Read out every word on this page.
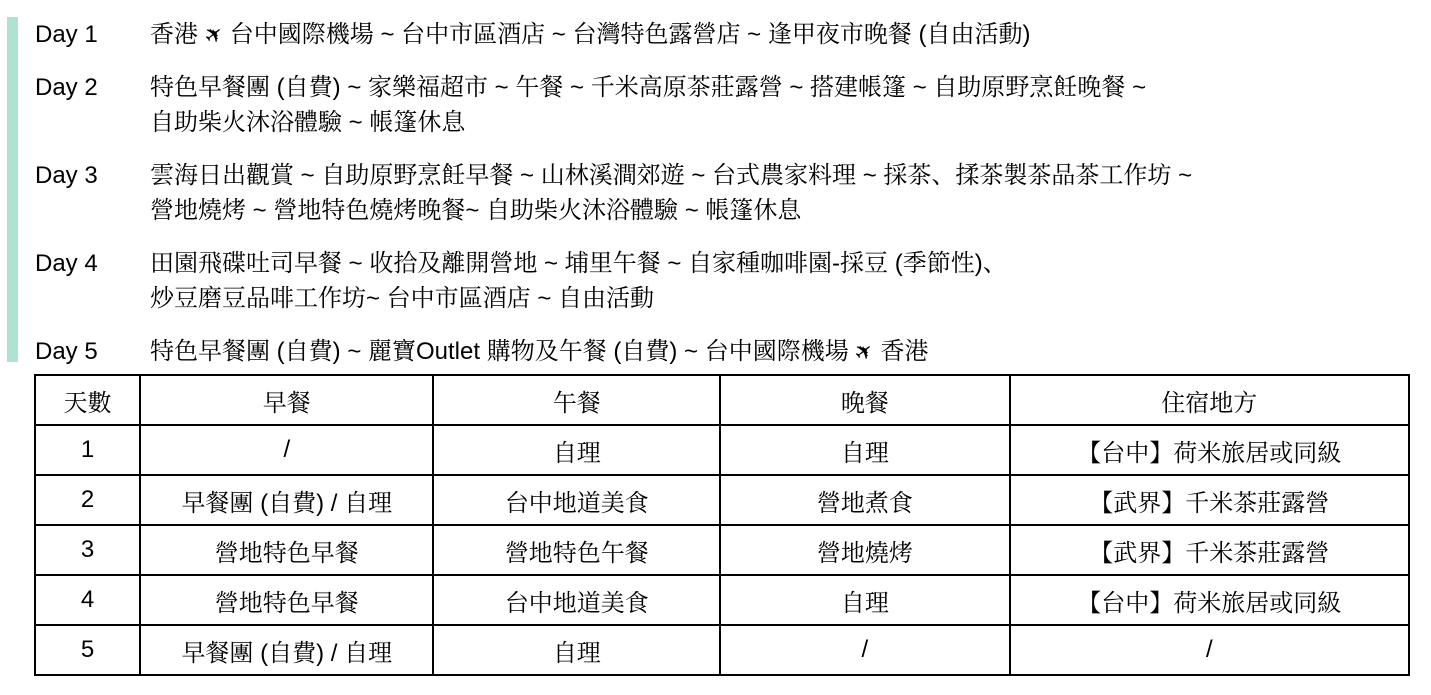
Day 1	香港 ✈ 台中國際機場 ~ 台中市區酒店 ~ 台灣特色露營店 ~ 逢甲夜市晚餐 (自由活動)
Day 2	特色早餐團 (自費) ~ 家樂福超市 ~ 午餐 ~ 千米高原茶莊露營 ~ 搭建帳篷 ~ 自助原野烹飪晚餐 ~
自助柴火沐浴體驗 ~ 帳篷休息
Day 3	雲海日出觀賞 ~ 自助原野烹飪早餐 ~ 山林溪澗郊遊 ~ 台式農家料理 ~ 採茶、揉茶製茶品茶工作坊 ~
營地燒烤 ~ 營地特色燒烤晚餐~ 自助柴火沐浴體驗 ~ 帳篷休息
Day 4	田園飛碟吐司早餐 ~ 收拾及離開營地 ~ 埔里午餐 ~ 自家種咖啡園-採豆 (季節性)、
炒豆磨豆品啡工作坊~ 台中市區酒店 ~ 自由活動
Day 5	特色早餐團 (自費) ~ 麗寶Outlet 購物及午餐 (自費) ~ 台中國際機場 ✈ 香港
天數	早餐	午餐	晚餐	住宿地方
1	/	自理	自理	【台中】荷米旅居或同級
2	早餐團 (自費) / 自理	台中地道美食	營地煮食	【武界】千米茶莊露營
3	營地特色早餐	營地特色午餐	營地燒烤	【武界】千米茶莊露營
4	營地特色早餐	台中地道美食	自理	【台中】荷米旅居或同級
5	早餐團 (自費) / 自理	自理	/	/
